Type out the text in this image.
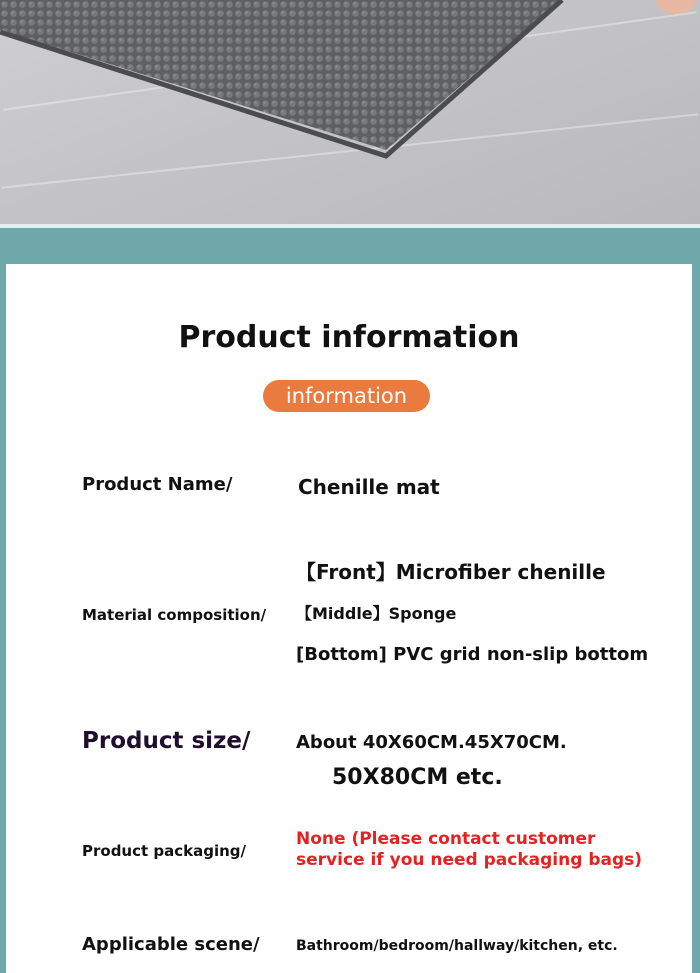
Product information
information
Product Name/	Chenille mat
Material composition/
【Front】Microfiber chenille
【Middle】Sponge
[Bottom] PVC grid non-slip bottom
Product size/	About 40X60CM.45X70CM.
50X80CM etc.
Product packaging/
None (Please contact customer
service if you need packaging bags)
Applicable scene/	Bathroom/bedroom/hallway/kitchen, etc.
